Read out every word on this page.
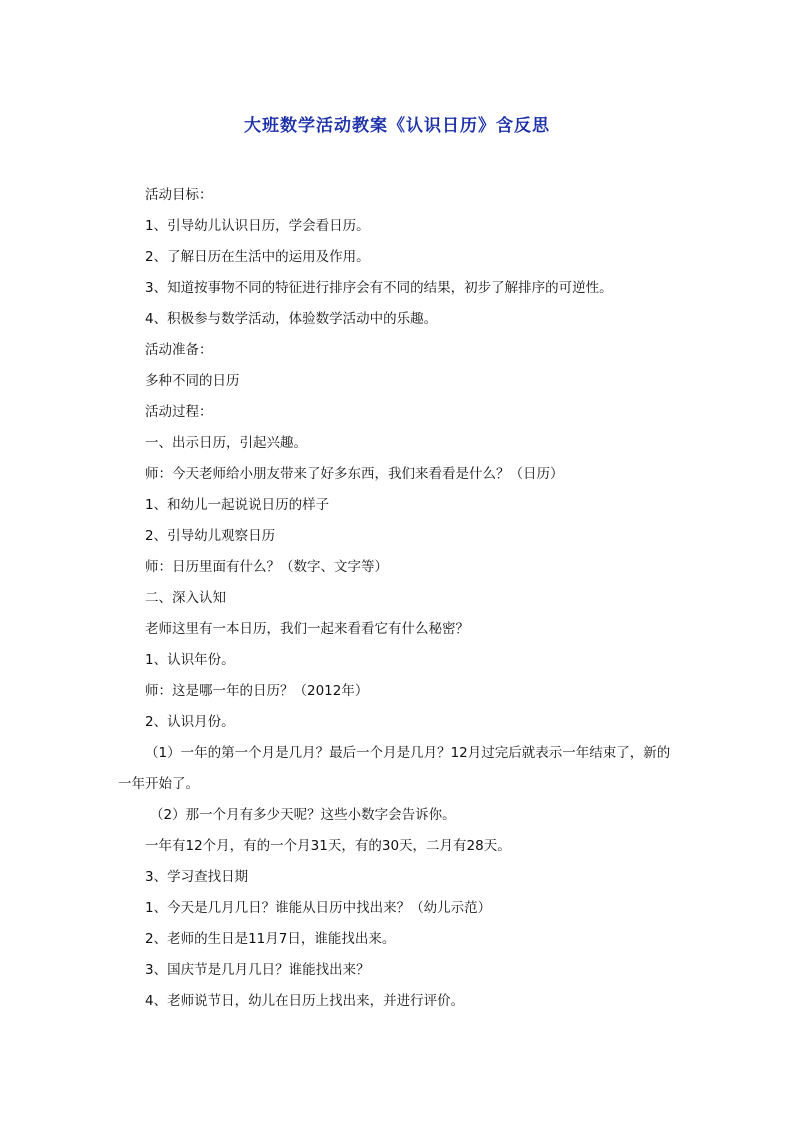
大班数学活动教案《认识日历》含反思
活动目标：
1、引导幼儿认识日历，学会看日历。
2、了解日历在生活中的运用及作用。
3、知道按事物不同的特征进行排序会有不同的结果，初步了解排序的可逆性。
4、积极参与数学活动，体验数学活动中的乐趣。
活动准备：
多种不同的日历
活动过程：
一、出示日历，引起兴趣。
师：今天老师给小朋友带来了好多东西，我们来看看是什么？（日历）
1、和幼儿一起说说日历的样子
2、引导幼儿观察日历
师：日历里面有什么？（数字、文字等）
二、深入认知
老师这里有一本日历，我们一起来看看它有什么秘密？
1、认识年份。
师：这是哪一年的日历？（2012年）
2、认识月份。
（1）一年的第一个月是几月？最后一个月是几月？12月过完后就表示一年结束了，新的一年开始了。
（2）那一个月有多少天呢？这些小数字会告诉你。
一年有12个月，有的一个月31天，有的30天，二月有28天。
3、学习查找日期
1、今天是几月几日？谁能从日历中找出来？（幼儿示范）
2、老师的生日是11月7日，谁能找出来。
3、国庆节是几月几日？谁能找出来？
4、老师说节日，幼儿在日历上找出来，并进行评价。
